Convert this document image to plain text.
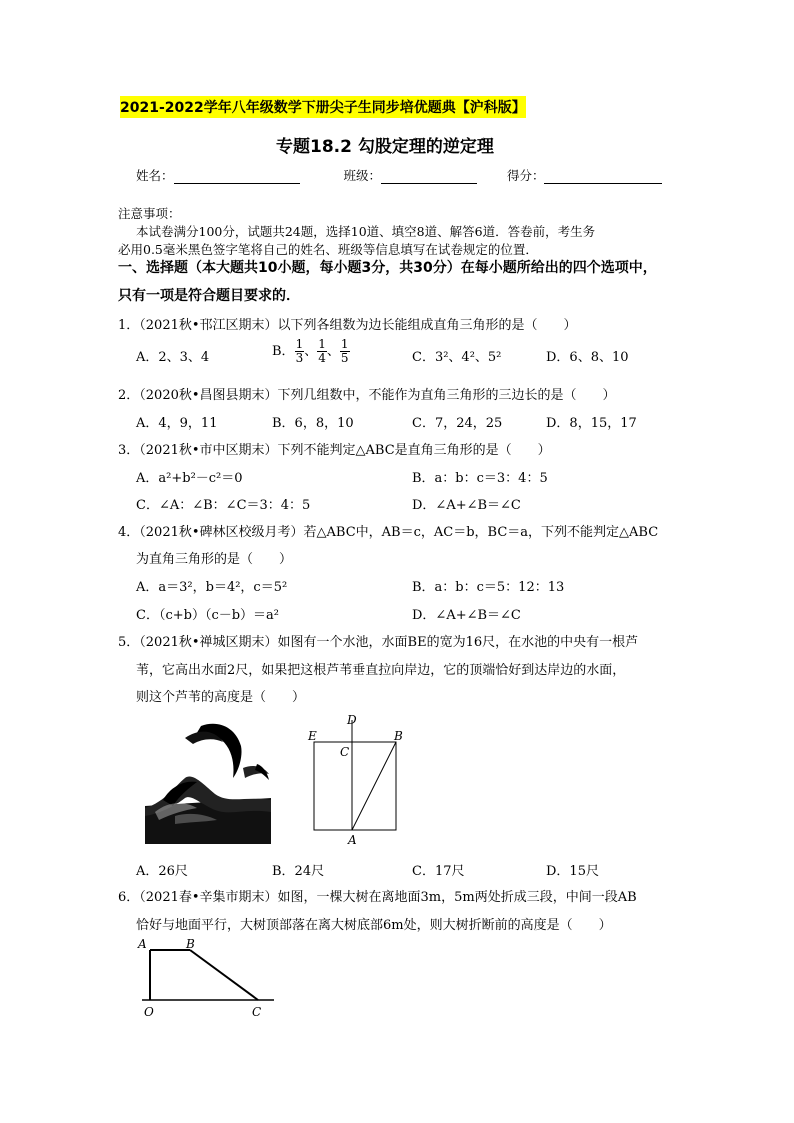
2021-2022学年八年级数学下册尖子生同步培优题典【沪科版】
专题18.2 勾股定理的逆定理
姓名：	班级：	得分：
注意事项：
本试卷满分100分，试题共24题，选择10道、填空8道、解答6道．答卷前，考生务
必用0.5毫米黑色签字笔将自己的姓名、班级等信息填写在试卷规定的位置．
一、选择题（本大题共10小题，每小题3分，共30分）在每小题所给出的四个选项中，
只有一项是符合题目要求的．
1．（2021秋•邗江区期末）以下列各组数为边长能组成直角三角形的是（　　）
A．2、3、4	B． $\frac{1}{3}$ 、 $\frac{1}{4}$ 、 $\frac{1}{5}$	C．3²、4²、5²	D．6、8、10
2．（2020秋•昌图县期末）下列几组数中，不能作为直角三角形的三边长的是（　　）
A．4，9，11	B．6，8，10	C．7，24，25	D．8，15，17
3．（2021秋•市中区期末）下列不能判定△ABC是直角三角形的是（　　）
A．a²+b²－c²＝0	B．a：b：c＝3：4：5
C．∠A：∠B：∠C＝3：4：5	D．∠A+∠B＝∠C
4．（2021秋•碑林区校级月考）若△ABC中，AB＝c，AC＝b，BC＝a，下列不能判定△ABC
为直角三角形的是（　　）
A．a＝3²，b＝4²，c＝5²	B．a：b：c＝5：12：13
C．（c+b）（c－b）＝a²	D．∠A+∠B＝∠C
5．（2021秋•禅城区期末）如图有一个水池，水面BE的宽为16尺，在水池的中央有一根芦
苇，它高出水面2尺，如果把这根芦苇垂直拉向岸边，它的顶端恰好到达岸边的水面，
则这个芦苇的高度是（　　）
D
E
C
B
A
A．26尺	B．24尺	C．17尺	D．15尺
6．（2021春•辛集市期末）如图，一棵大树在离地面3m，5m两处折成三段，中间一段AB
恰好与地面平行，大树顶部落在离大树底部6m处，则大树折断前的高度是（　　）
A	B
O	C
